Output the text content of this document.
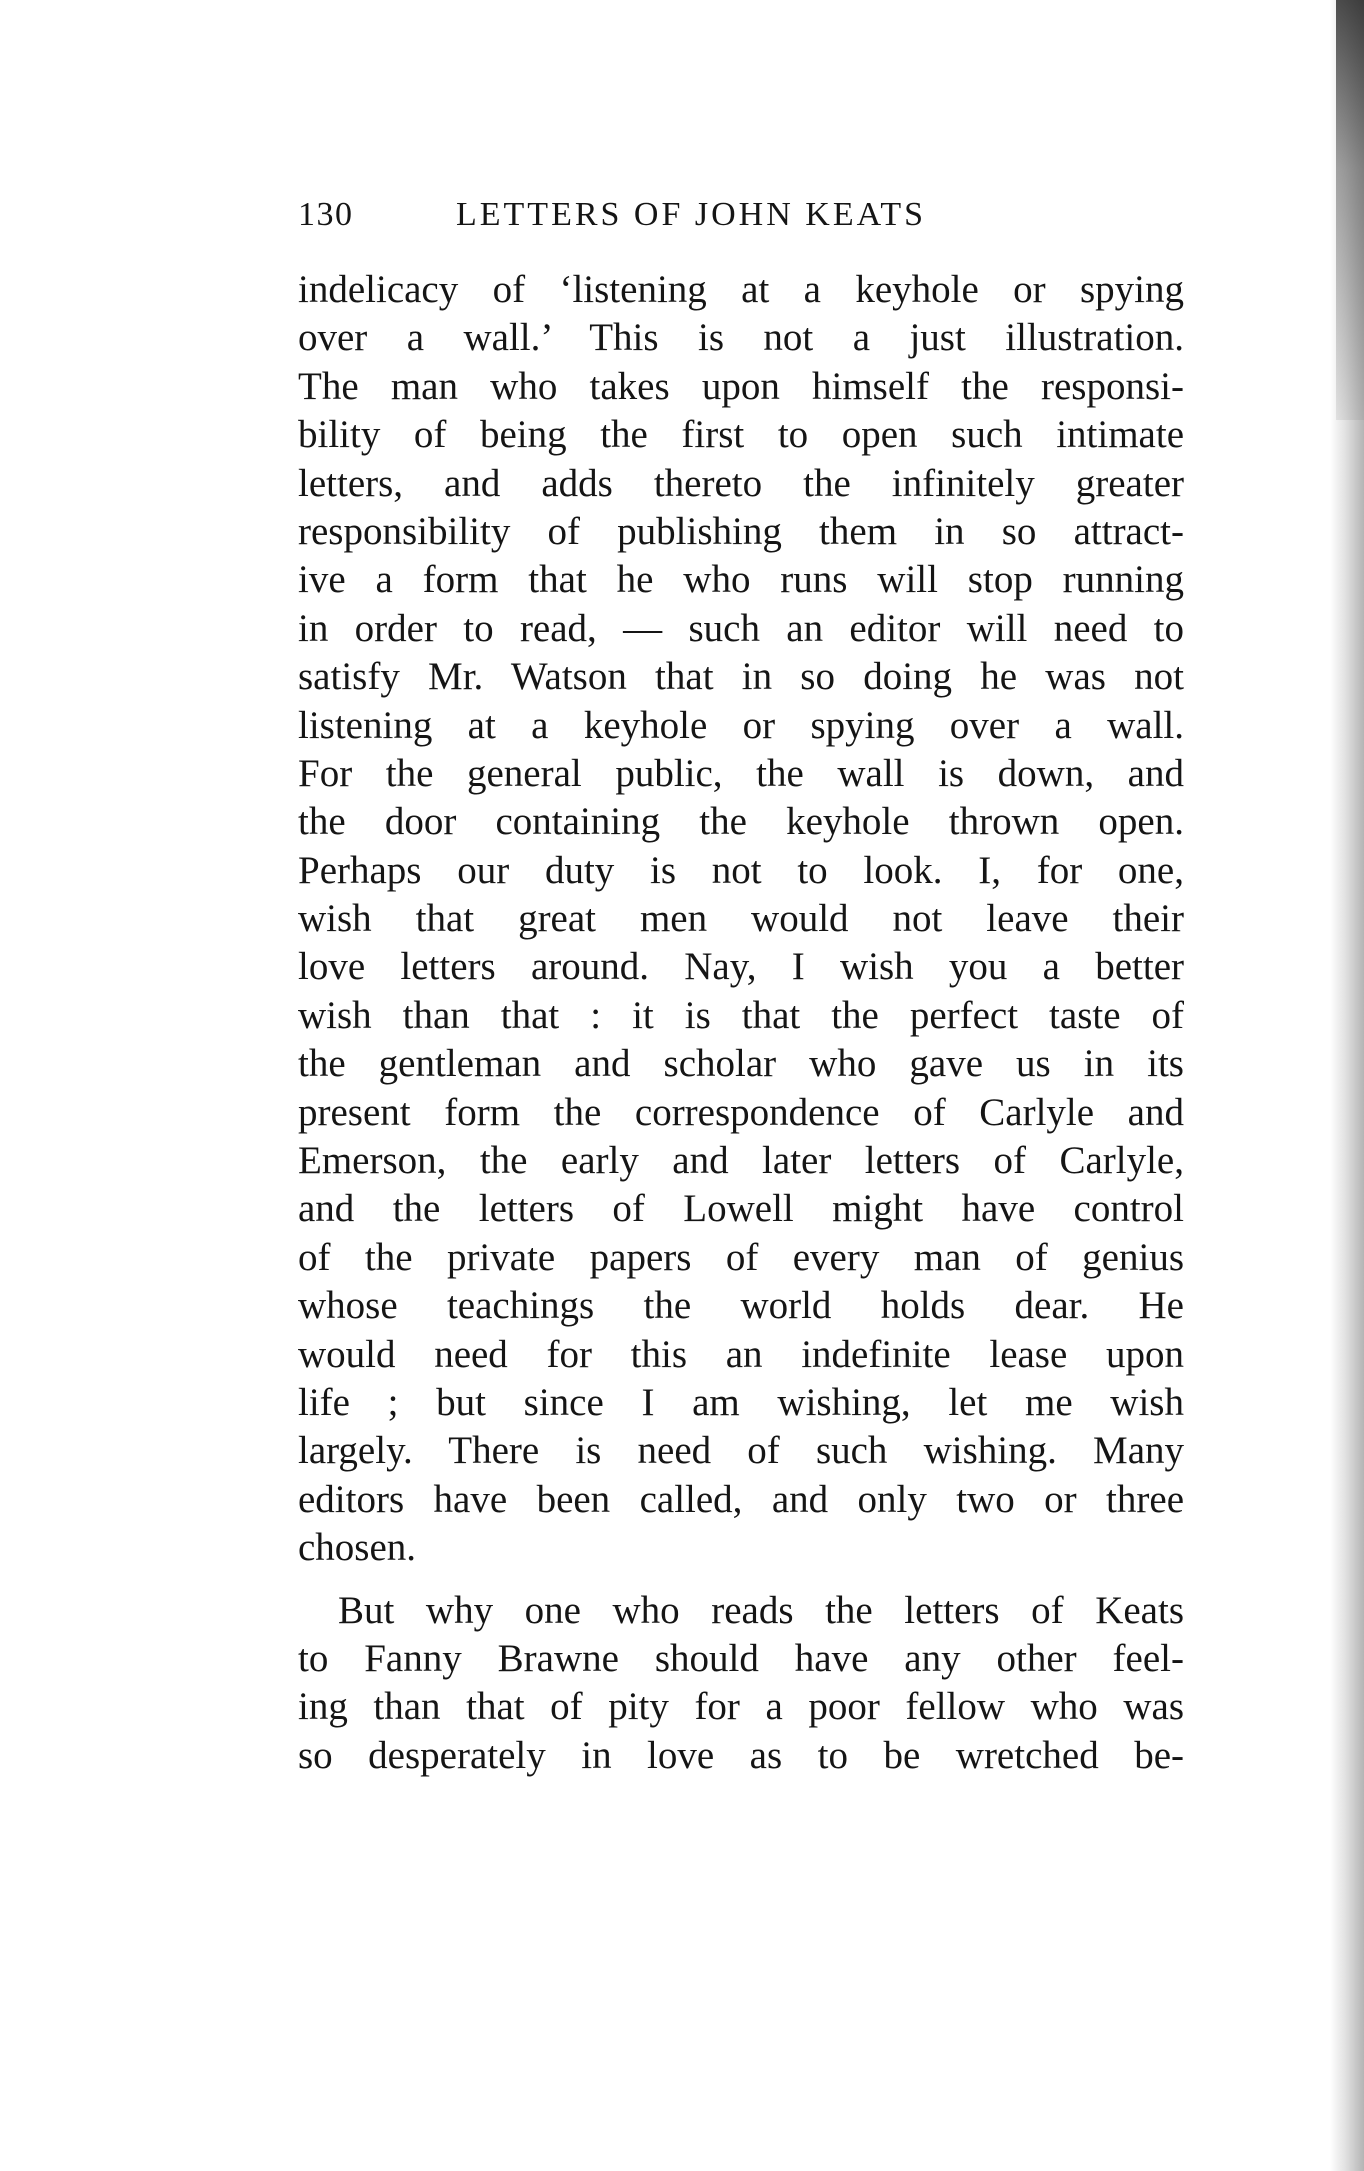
130	LETTERS OF JOHN KEATS
indelicacy of ‘listening at a keyhole or spying
over a wall.’ This is not a just illustration.
The man who takes upon himself the responsi-
bility of being the first to open such intimate
letters, and adds thereto the infinitely greater
responsibility of publishing them in so attract-
ive a form that he who runs will stop running
in order to read, — such an editor will need to
satisfy Mr. Watson that in so doing he was not
listening at a keyhole or spying over a wall.
For the general public, the wall is down, and
the door containing the keyhole thrown open.
Perhaps our duty is not to look. I, for one,
wish that great men would not leave their
love letters around. Nay, I wish you a better
wish than that : it is that the perfect taste of
the gentleman and scholar who gave us in its
present form the correspondence of Carlyle and
Emerson, the early and later letters of Carlyle,
and the letters of Lowell might have control
of the private papers of every man of genius
whose teachings the world holds dear. He
would need for this an indefinite lease upon
life ; but since I am wishing, let me wish
largely. There is need of such wishing. Many
editors have been called, and only two or three
chosen.
But why one who reads the letters of Keats
to Fanny Brawne should have any other feel-
ing than that of pity for a poor fellow who was
so desperately in love as to be wretched be-
